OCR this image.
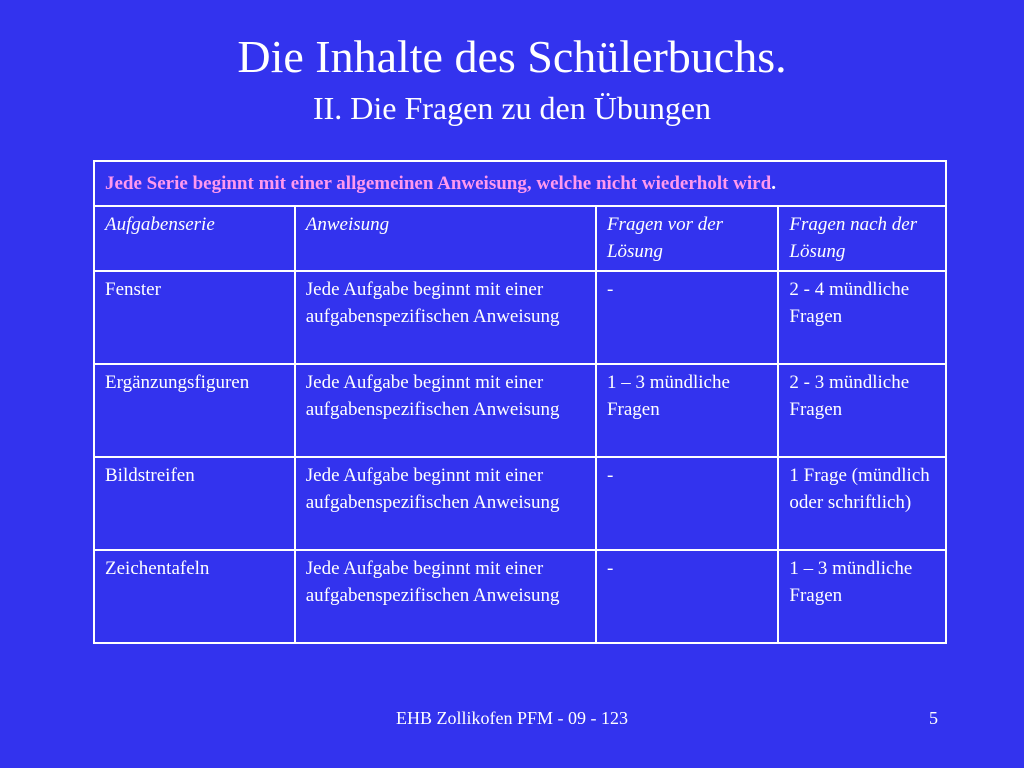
Die Inhalte des Schülerbuchs.
II. Die Fragen zu den Übungen
Jede Serie beginnt mit einer allgemeinen Anweisung, welche nicht wiederholt wird.			
Aufgabenserie	Anweisung	Fragen vor der Lösung	Fragen nach der Lösung
Fenster	Jede Aufgabe beginnt mit einer aufgabenspezifischen Anweisung	-	2 - 4 mündliche Fragen
Ergänzungsfiguren	Jede Aufgabe beginnt mit einer aufgabenspezifischen Anweisung	1 – 3 mündliche Fragen	2 - 3 mündliche Fragen
Bildstreifen	Jede Aufgabe beginnt mit einer aufgabenspezifischen Anweisung	-	1 Frage (mündlich oder schriftlich)
Zeichentafeln	Jede Aufgabe beginnt mit einer aufgabenspezifischen Anweisung	-	1 – 3 mündliche Fragen
EHB Zollikofen PFM - 09 - 123	5
